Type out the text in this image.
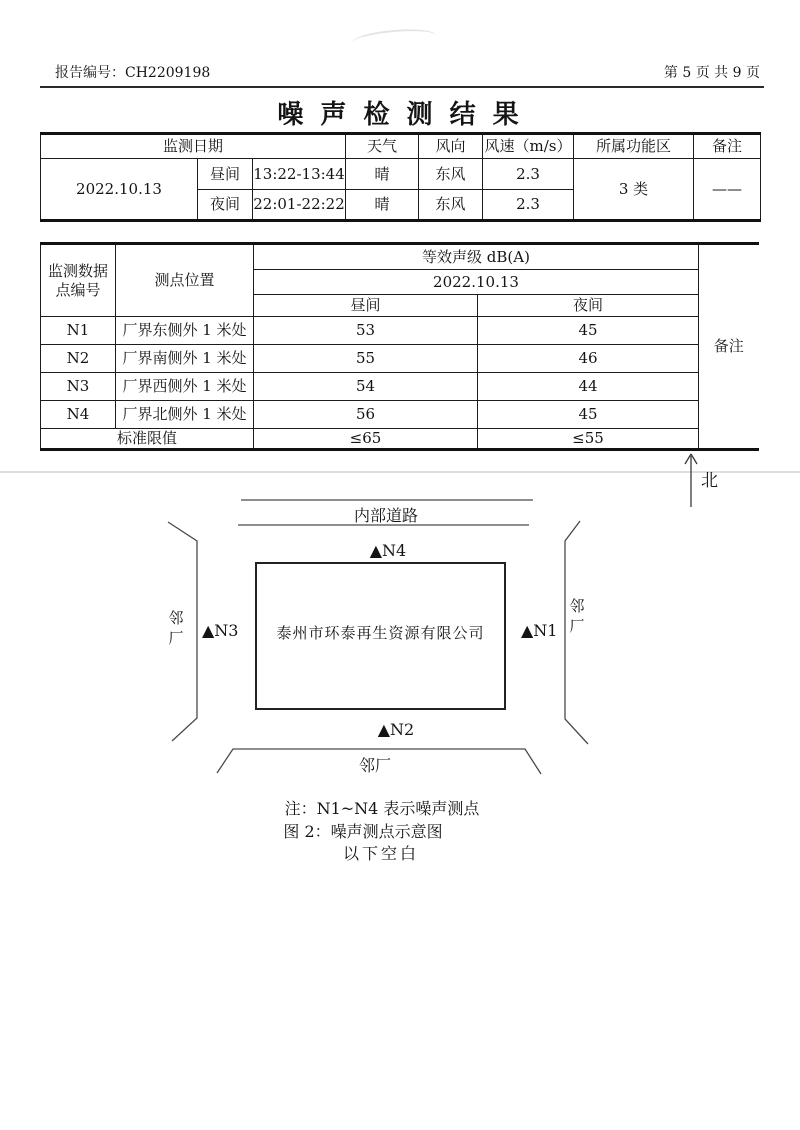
报告编号：CH2209198	第 5 页 共 9 页
噪 声 检 测 结 果
监测日期			天气	风向	风速（m/s）	所属功能区	备注
2022.10.13	昼间	13:22-13:44	晴	东风	2.3	3 类	——
	夜间	22:01-22:22	晴	东风	2.3		
监测数据
点编号	测点位置	等效声级 dB(A)		备注
		2022.10.13		
		昼间	夜间	
N1	厂界东侧外 1 米处	53	45	
N2	厂界南侧外 1 米处	55	46	
N3	厂界西侧外 1 米处	54	44	
N4	厂界北侧外 1 米处	56	45	
标准限值		≤65	≤55	
北
内部道路
▲N4
▲N3	▲N1
▲N2
泰州市环泰再生资源有限公司
邻厂
邻厂
邻厂
注：N1~N4 表示噪声测点
图 2：噪声测点示意图
以下空白
